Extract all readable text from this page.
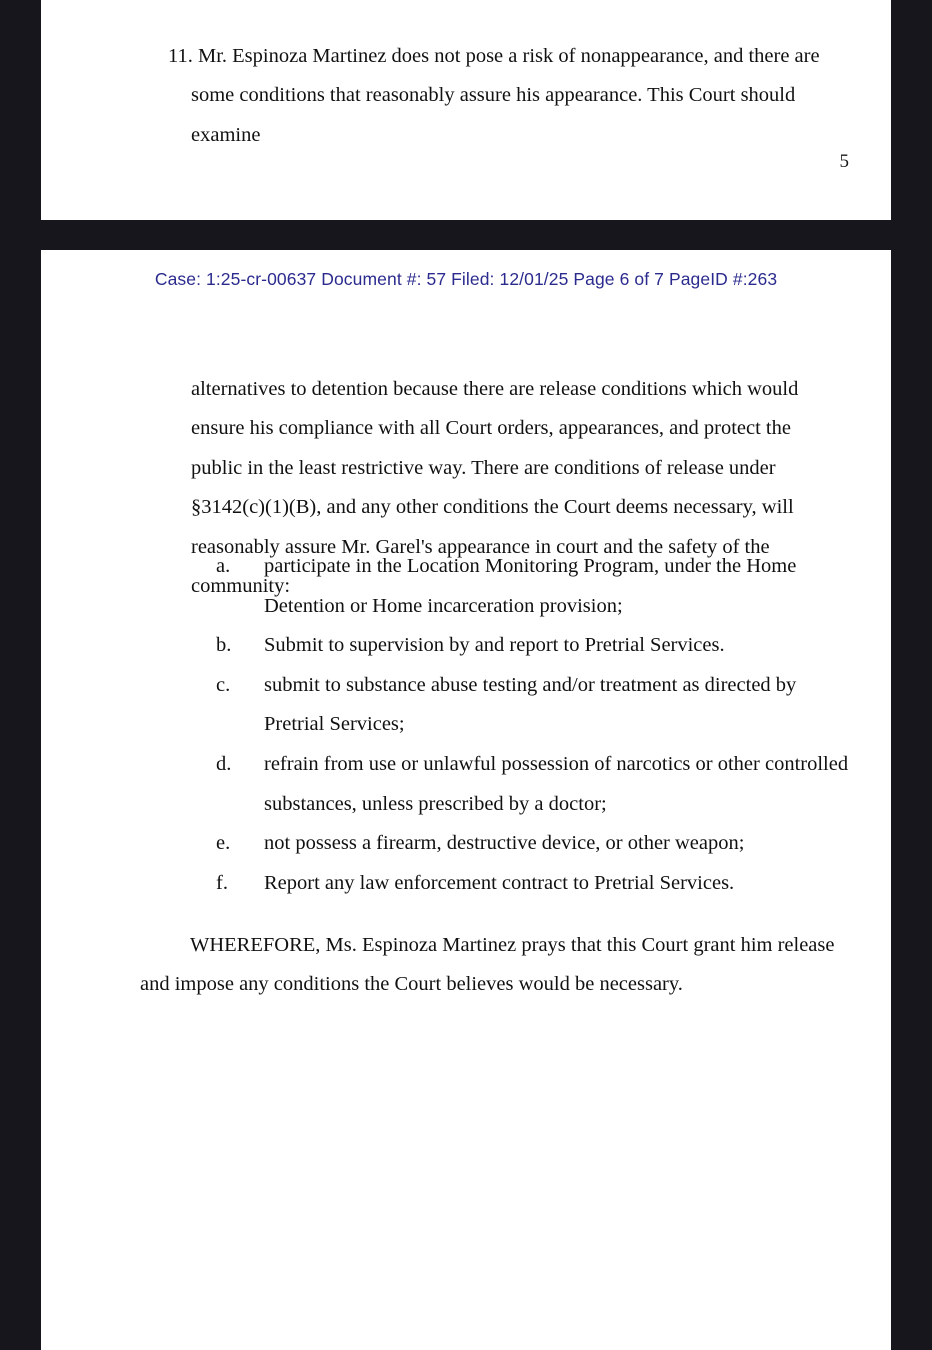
11. Mr. Espinoza Martinez does not pose a risk of nonappearance, and there are some conditions that reasonably assure his appearance. This Court should examine

5
Case: 1:25-cr-00637 Document #: 57 Filed: 12/01/25 Page 6 of 7 PageID #:263

alternatives to detention because there are release conditions which would ensure his compliance with all Court orders, appearances, and protect the public in the least restrictive way. There are conditions of release under §3142(c)(1)(B), and any other conditions the Court deems necessary, will reasonably assure Mr. Garel's appearance in court and the safety of the community:

a.	participate in the Location Monitoring Program, under the Home Detention or Home incarceration provision;
b.	Submit to supervision by and report to Pretrial Services.
c.	submit to substance abuse testing and/or treatment as directed by Pretrial Services;
d.	refrain from use or unlawful possession of narcotics or other controlled substances, unless prescribed by a doctor;
e.	not possess a firearm, destructive device, or other weapon;
f.	Report any law enforcement contract to Pretrial Services.

WHEREFORE, Ms. Espinoza Martinez prays that this Court grant him release and impose any conditions the Court believes would be necessary.
